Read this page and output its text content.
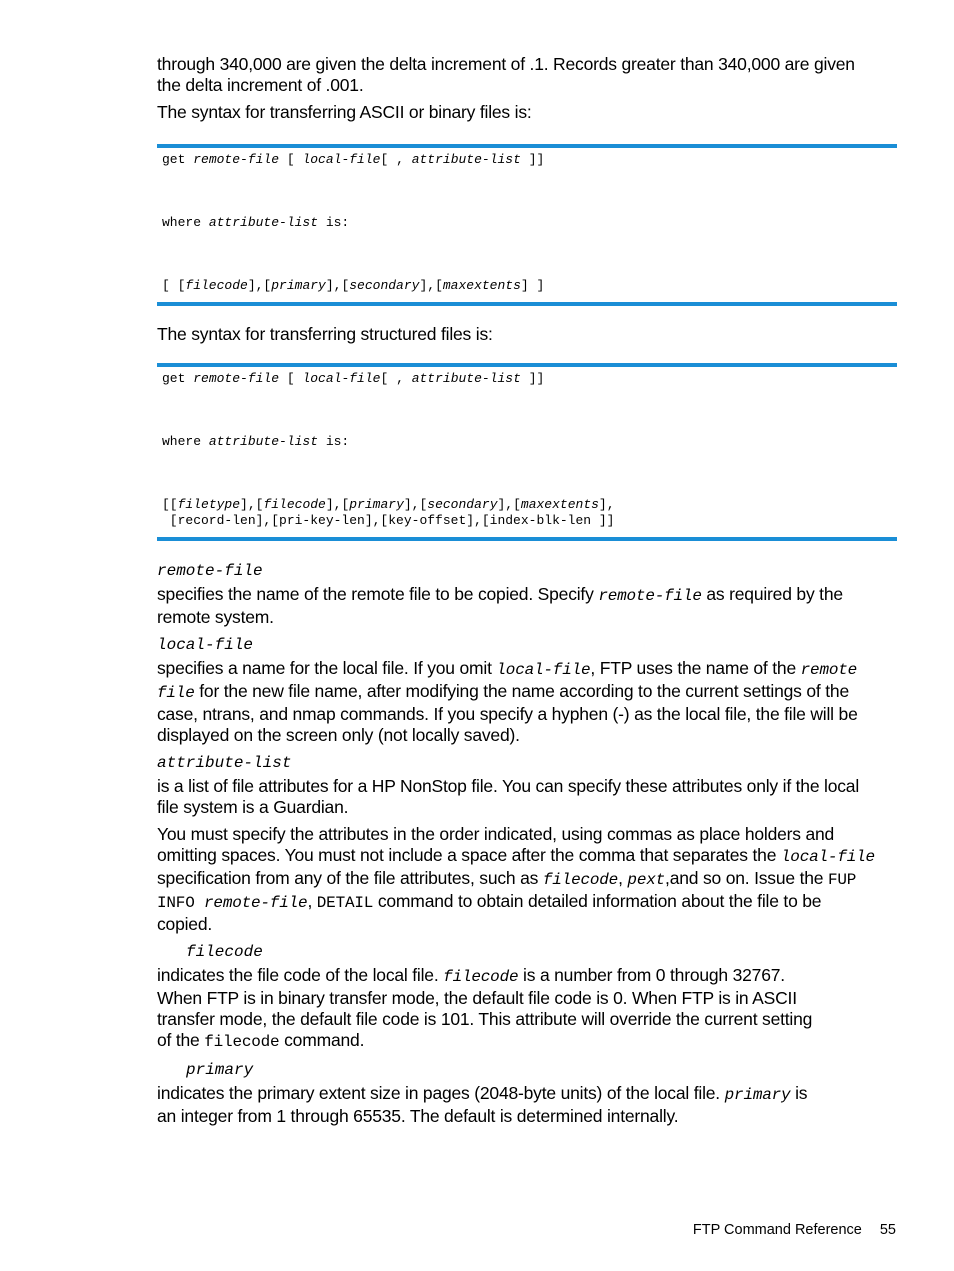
through 340,000 are given the delta increment of .1. Records greater than 340,000 are given
the delta increment of .001.

The syntax for transferring ASCII or binary files is:

get remote-file [ local-file[ , attribute-list ]]
where attribute-list is:
[ [filecode],[primary],[secondary],[maxextents] ]

The syntax for transferring structured files is:

get remote-file [ local-file[ , attribute-list ]]
where attribute-list is:
[[filetype],[filecode],[primary],[secondary],[maxextents],
[record-len],[pri-key-len],[key-offset],[index-blk-len ]]

remote-file

specifies the name of the remote file to be copied. Specify remote-file as required by the
remote system.

local-file

specifies a name for the local file. If you omit local-file, FTP uses the name of the remote
file for the new file name, after modifying the name according to the current settings of the
case, ntrans, and nmap commands. If you specify a hyphen (-) as the local file, the file will be
displayed on the screen only (not locally saved).

attribute-list

is a list of file attributes for a HP NonStop file. You can specify these attributes only if the local
file system is a Guardian.

You must specify the attributes in the order indicated, using commas as place holders and
omitting spaces. You must not include a space after the comma that separates the local-file
specification from any of the file attributes, such as filecode, pext,and so on. Issue the FUP
INFO remote-file, DETAIL command to obtain detailed information about the file to be
copied.

filecode

indicates the file code of the local file. filecode is a number from 0 through 32767.
When FTP is in binary transfer mode, the default file code is 0. When FTP is in ASCII
transfer mode, the default file code is 101. This attribute will override the current setting
of the filecode command.

primary

indicates the primary extent size in pages (2048-byte units) of the local file. primary is
an integer from 1 through 65535. The default is determined internally.

FTP Command Reference 55
